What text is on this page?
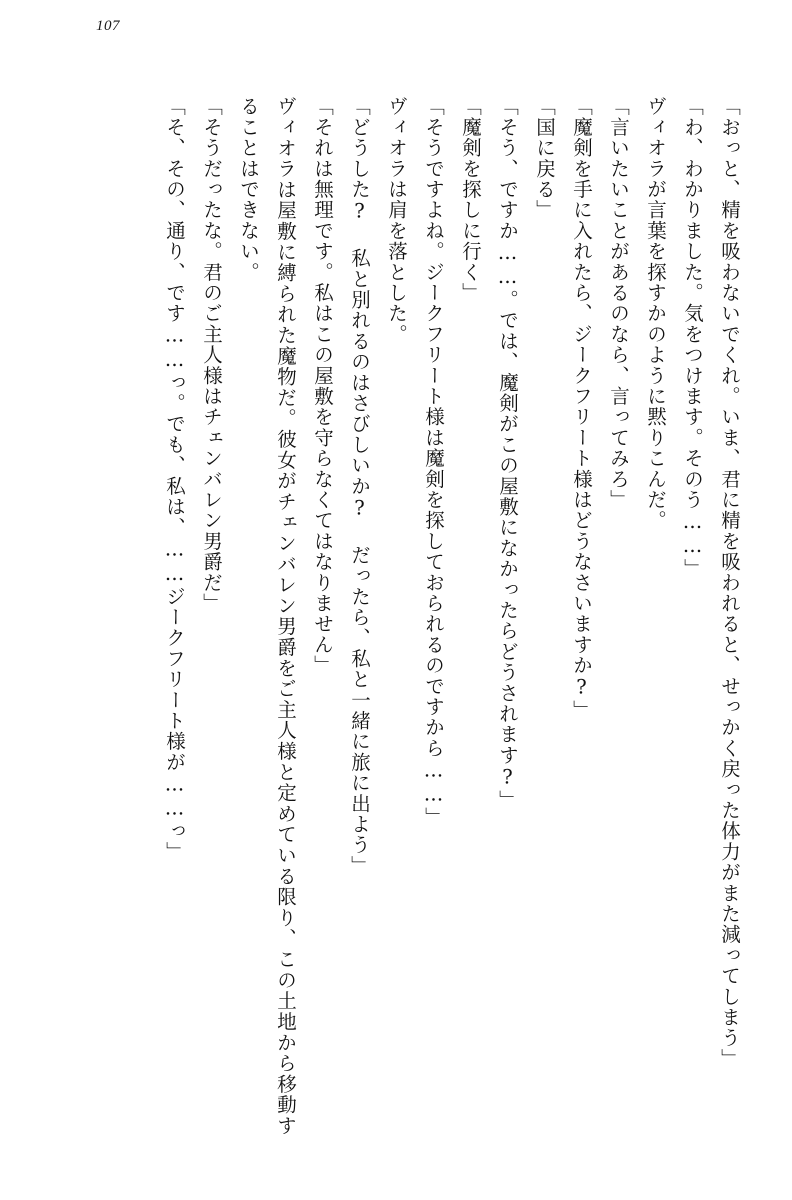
107

「おっと、精を吸わないでくれ。いま、君に精を吸われると、せっかく戻った体力がまた減ってしまう」

「わ、わかりました。気をつけます。そのう……」

ヴィオラが言葉を探すかのように黙りこんだ。

「言いたいことがあるのなら、言ってみろ」

「魔剣を手に入れたら、ジークフリート様はどうなさいますか?」

「国に戻る」

「そう、ですか……。では、魔剣がこの屋敷になかったらどうされます?」

「魔剣を探しに行く」

「そうですよね。ジークフリート様は魔剣を探しておられるのですから……」

ヴィオラは肩を落とした。

「どうした? 私と別れるのはさびしいか? だったら、私と一緒に旅に出よう」

「それは無理です。私はこの屋敷を守らなくてはなりません」

ヴィオラは屋敷に縛られた魔物だ。彼女がチェンバレン男爵をご主人様と定めている限り、この土地から移動することはできない。

「そうだったな。君のご主人様はチェンバレン男爵だ」

「そ、その、通り、です……っ。でも、私は、……ジークフリート様が……っ」
